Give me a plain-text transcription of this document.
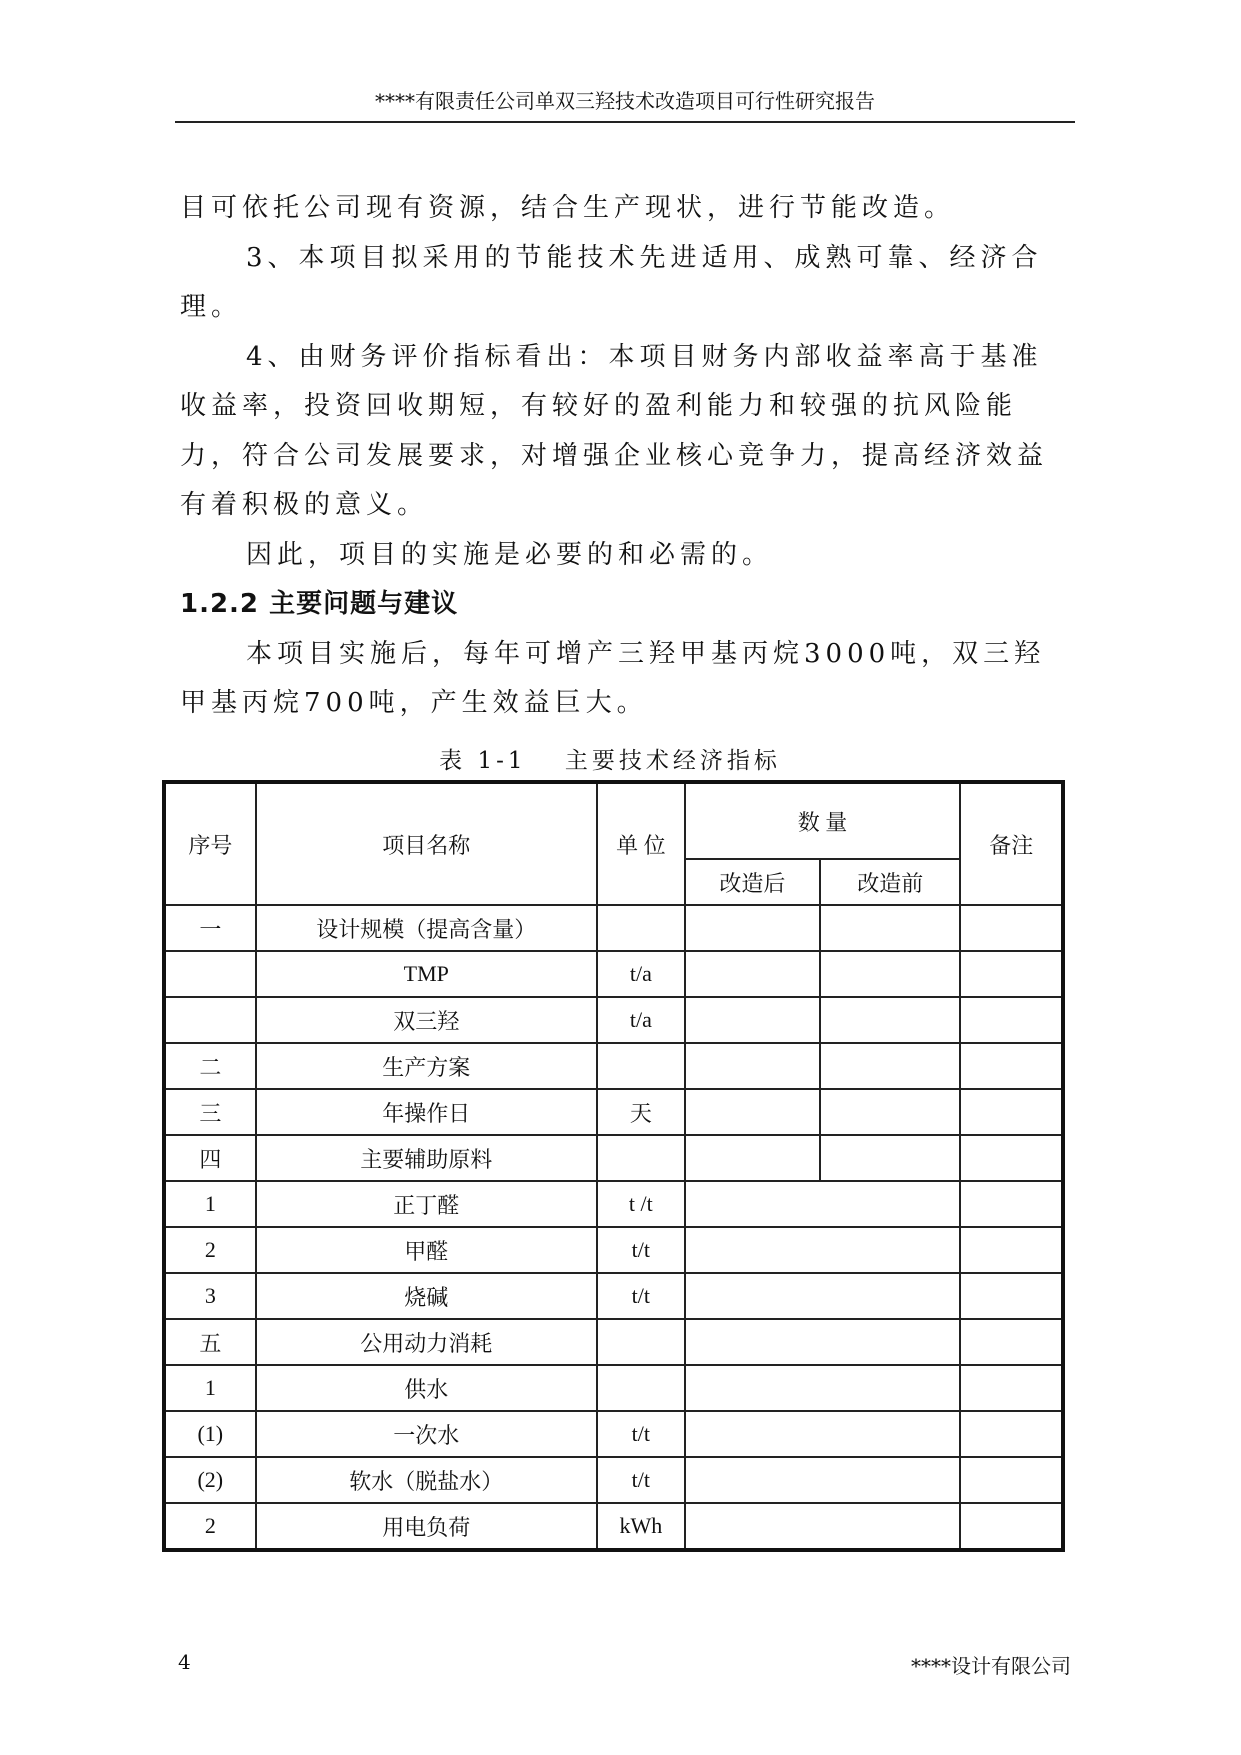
****有限责任公司单双三羟技术改造项目可行性研究报告

目可依托公司现有资源，结合生产现状，进行节能改造。

3、本项目拟采用的节能技术先进适用、成熟可靠、经济合理。

4、由财务评价指标看出：本项目财务内部收益率高于基准收益率，投资回收期短，有较好的盈利能力和较强的抗风险能力，符合公司发展要求，对增强企业核心竞争力，提高经济效益有着积极的意义。

因此，项目的实施是必要的和必需的。

1.2.2 主要问题与建议

本项目实施后，每年可增产三羟甲基丙烷3000吨，双三羟甲基丙烷700吨，产生效益巨大。

表 1-1　 主要技术经济指标
序号	项目名称	单 位	数 量		备注
			改造后	改造前	
一	设计规模（提高含量）				
	TMP	t/a			
	双三羟	t/a			
二	生产方案				
三	年操作日	天			
四	主要辅助原料				
1	正丁醛	t /t			
2	甲醛	t/t			
3	烧碱	t/t			
五	公用动力消耗				
1	供水				
(1)	一次水	t/t			
(2)	软水（脱盐水）	t/t			
2	用电负荷	kWh			
4	****设计有限公司
